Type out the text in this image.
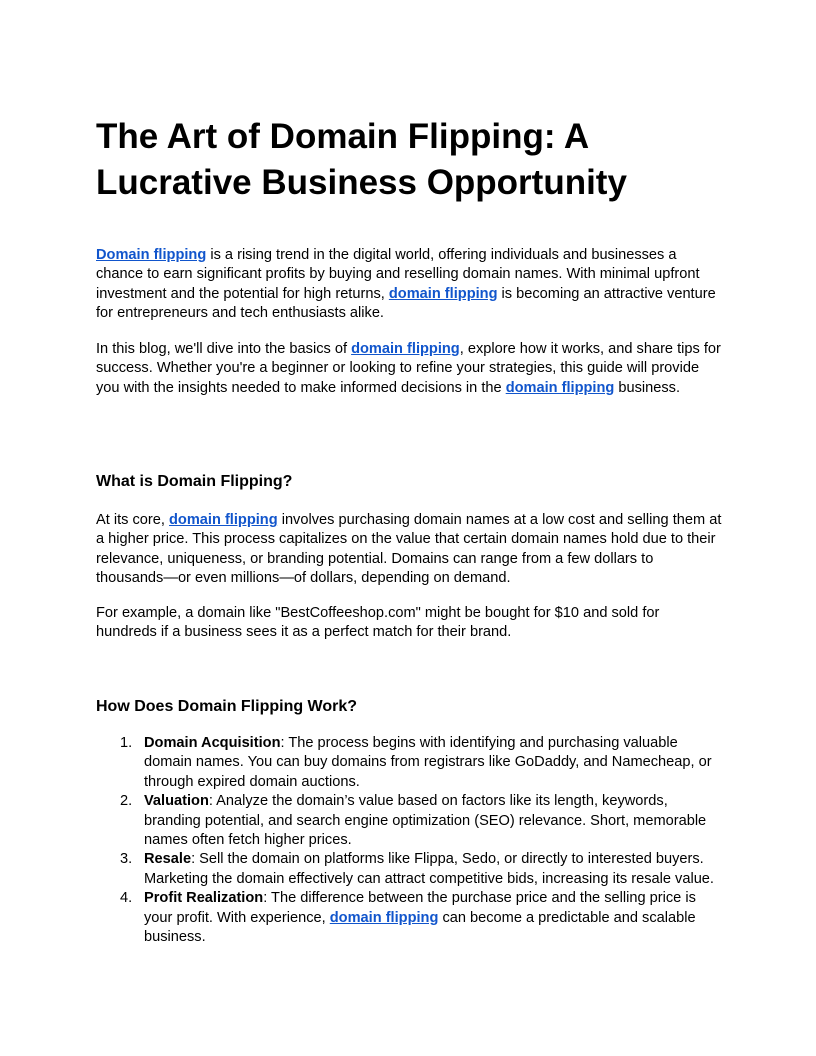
The Art of Domain Flipping: A Lucrative Business Opportunity

Domain flipping is a rising trend in the digital world, offering individuals and businesses a chance to earn significant profits by buying and reselling domain names. With minimal upfront investment and the potential for high returns, domain flipping is becoming an attractive venture for entrepreneurs and tech enthusiasts alike.

In this blog, we'll dive into the basics of domain flipping, explore how it works, and share tips for success. Whether you're a beginner or looking to refine your strategies, this guide will provide you with the insights needed to make informed decisions in the domain flipping business.

What is Domain Flipping?

At its core, domain flipping involves purchasing domain names at a low cost and selling them at a higher price. This process capitalizes on the value that certain domain names hold due to their relevance, uniqueness, or branding potential. Domains can range from a few dollars to thousands—or even millions—of dollars, depending on demand.

For example, a domain like "BestCoffeeshop.com" might be bought for $10 and sold for hundreds if a business sees it as a perfect match for their brand.

How Does Domain Flipping Work?
1. Domain Acquisition: The process begins with identifying and purchasing valuable domain names. You can buy domains from registrars like GoDaddy, and Namecheap, or through expired domain auctions.
2. Valuation: Analyze the domain’s value based on factors like its length, keywords, branding potential, and search engine optimization (SEO) relevance. Short, memorable names often fetch higher prices.
3. Resale: Sell the domain on platforms like Flippa, Sedo, or directly to interested buyers. Marketing the domain effectively can attract competitive bids, increasing its resale value.
4. Profit Realization: The difference between the purchase price and the selling price is your profit. With experience, domain flipping can become a predictable and scalable business.
